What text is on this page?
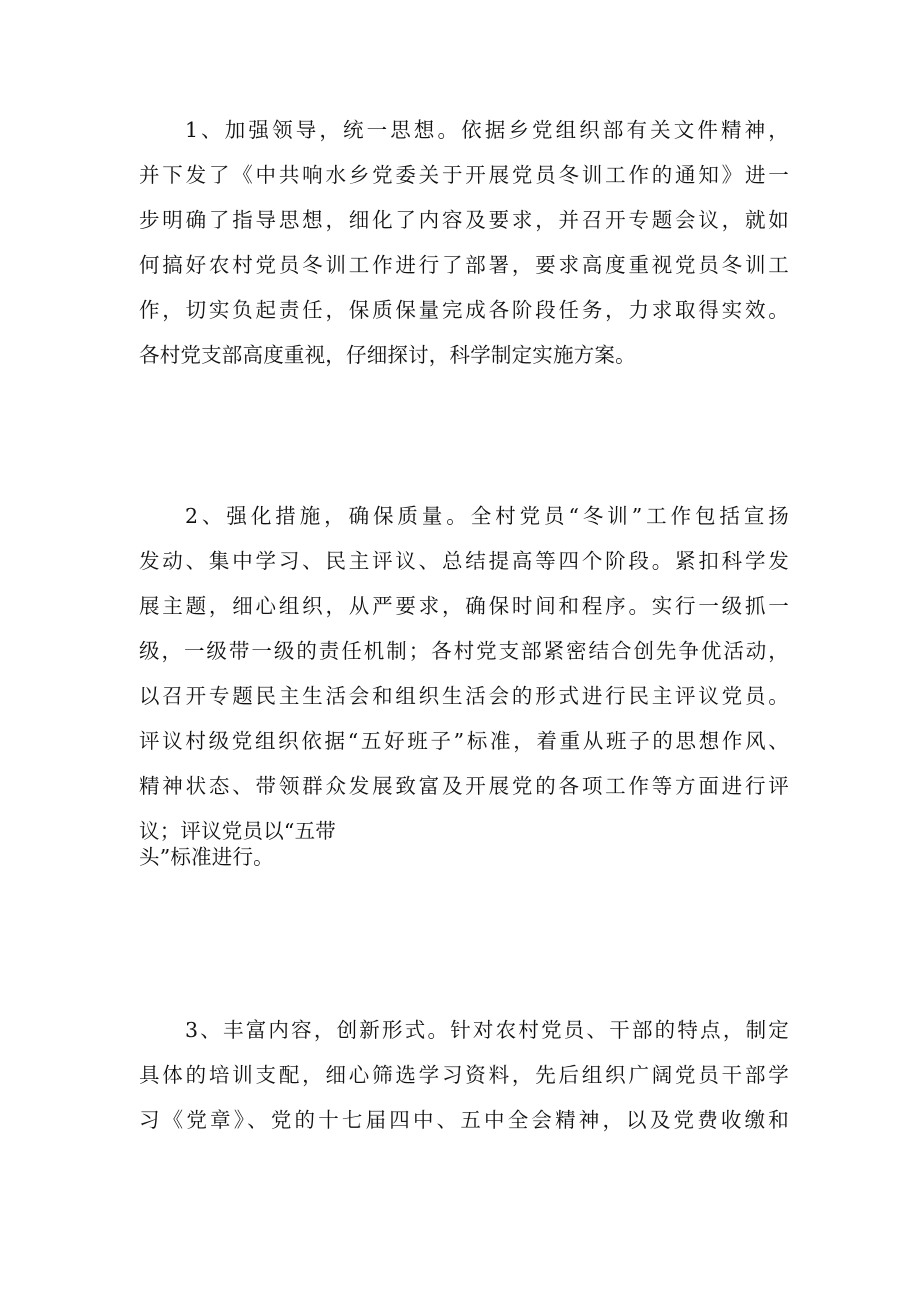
1、加强领导，统一思想。依据乡党组织部有关文件精神，
并下发了《中共响水乡党委关于开展党员冬训工作的通知》进一
步明确了指导思想，细化了内容及要求，并召开专题会议，就如
何搞好农村党员冬训工作进行了部署，要求高度重视党员冬训工
作，切实负起责任，保质保量完成各阶段任务，力求取得实效。
各村党支部高度重视，仔细探讨，科学制定实施方案。
2、强化措施，确保质量。全村党员“冬训”工作包括宣扬
发动、集中学习、民主评议、总结提高等四个阶段。紧扣科学发
展主题，细心组织，从严要求，确保时间和程序。实行一级抓一
级，一级带一级的责任机制；各村党支部紧密结合创先争优活动，
以召开专题民主生活会和组织生活会的形式进行民主评议党员。
评议村级党组织依据“五好班子”标准，着重从班子的思想作风、
精神状态、带领群众发展致富及开展党的各项工作等方面进行评
议；评议党员以“五带
头”标准进行。
3、丰富内容，创新形式。针对农村党员、干部的特点，制定
具体的培训支配，细心筛选学习资料，先后组织广阔党员干部学
习《党章》、党的十七届四中、五中全会精神，以及党费收缴和
